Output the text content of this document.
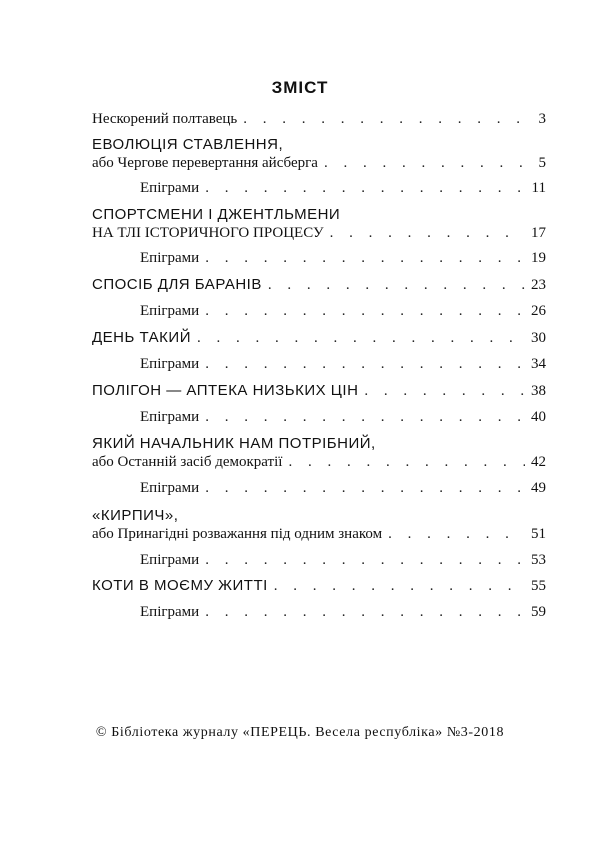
ЗМІСТ
Нескорений полтавець . . .	3
ЕВОЛЮЦІЯ СТАВЛЕННЯ,
або Чергове перевертання айсберга . . .	5
Епіграми . . .	11
СПОРТСМЕНИ І ДЖЕНТЛЬМЕНИ
НА ТЛІ ІСТОРИЧНОГО ПРОЦЕСУ . . .	17
Епіграми . . .	19
СПОСІБ ДЛЯ БАРАНІВ . . .	23
Епіграми . . .	26
ДЕНЬ ТАКИЙ . . .	30
Епіграми . . .	34
ПОЛІГОН — АПТЕКА НИЗЬКИХ ЦІН . . .	38
Епіграми . . .	40
ЯКИЙ НАЧАЛЬНИК НАМ ПОТРІБНИЙ,
або Останній засіб демократії . . .	42
Епіграми . . .	49
«КИРПИЧ»,
або Принагідні розважання під одним знаком . . .	51
Епіграми . . .	53
КОТИ В МОЄМУ ЖИТТІ . . .	55
Епіграми . . .	59
© Бібліотека журналу «ПЕРЕЦЬ. Весела республіка» №3-2018
